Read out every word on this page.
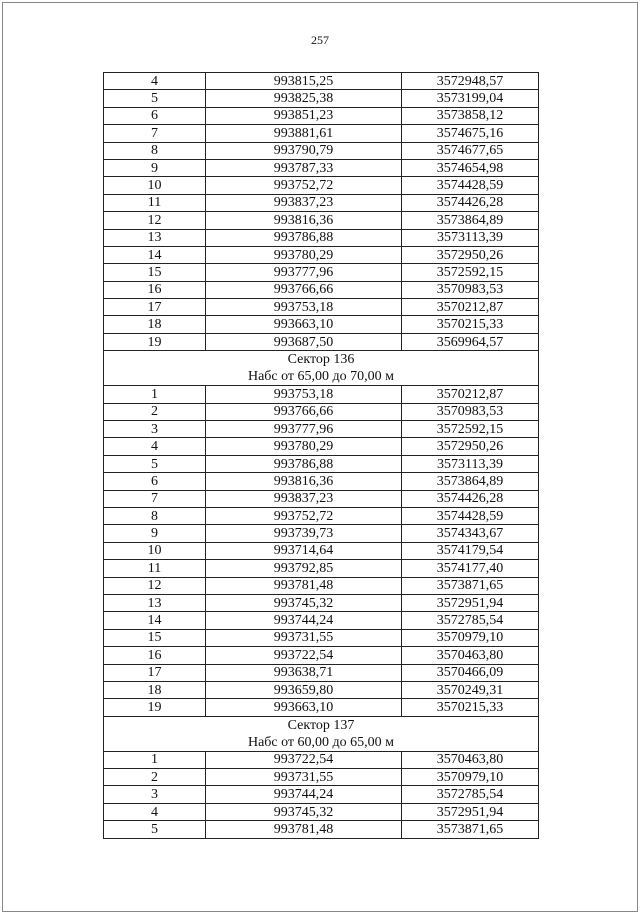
257
4	993815,25	3572948,57
5	993825,38	3573199,04
6	993851,23	3573858,12
7	993881,61	3574675,16
8	993790,79	3574677,65
9	993787,33	3574654,98
10	993752,72	3574428,59
11	993837,23	3574426,28
12	993816,36	3573864,89
13	993786,88	3573113,39
14	993780,29	3572950,26
15	993777,96	3572592,15
16	993766,66	3570983,53
17	993753,18	3570212,87
18	993663,10	3570215,33
19	993687,50	3569964,57

Сектор 136
Набс от 65,00 до 70,00 м		

1	993753,18	3570212,87
2	993766,66	3570983,53
3	993777,96	3572592,15
4	993780,29	3572950,26
5	993786,88	3573113,39
6	993816,36	3573864,89
7	993837,23	3574426,28
8	993752,72	3574428,59
9	993739,73	3574343,67
10	993714,64	3574179,54
11	993792,85	3574177,40
12	993781,48	3573871,65
13	993745,32	3572951,94
14	993744,24	3572785,54
15	993731,55	3570979,10
16	993722,54	3570463,80
17	993638,71	3570466,09
18	993659,80	3570249,31
19	993663,10	3570215,33

Сектор 137
Набс от 60,00 до 65,00 м		

1	993722,54	3570463,80
2	993731,55	3570979,10
3	993744,24	3572785,54
4	993745,32	3572951,94
5	993781,48	3573871,65
